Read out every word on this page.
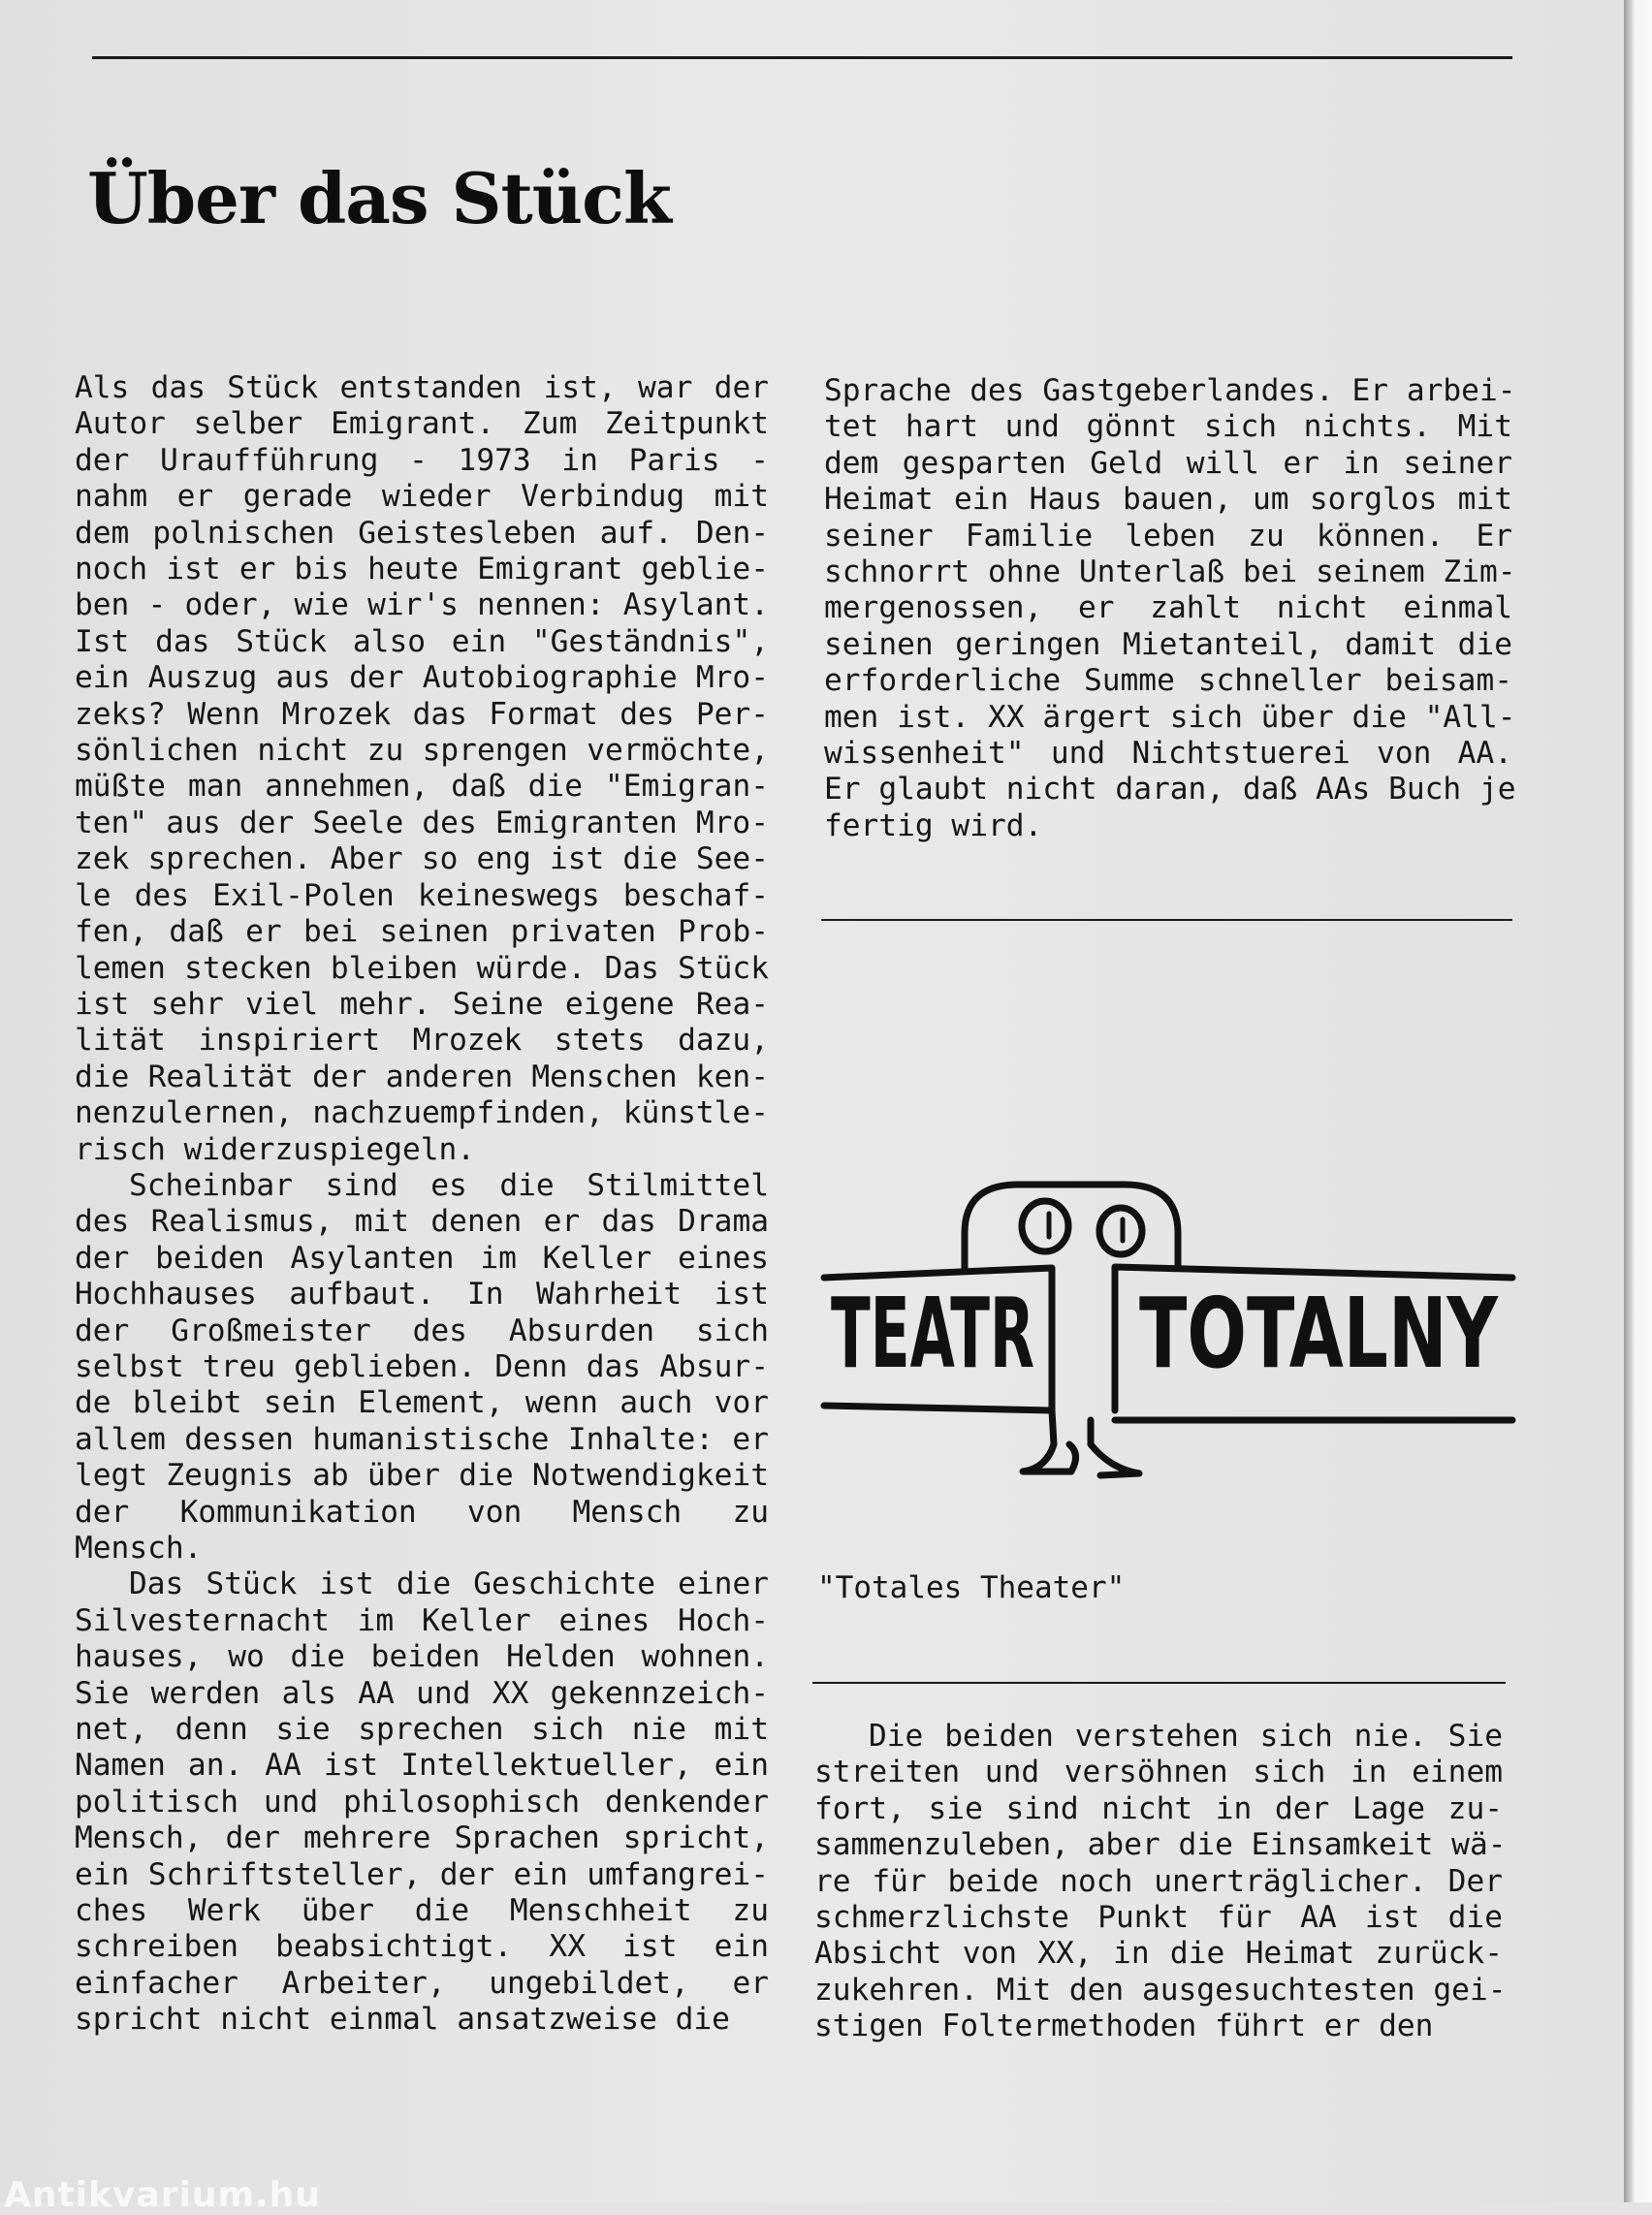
Über das Stück
Als das Stück entstanden ist, war der
Autor selber Emigrant. Zum Zeitpunkt
der Uraufführung - 1973 in Paris -
nahm er gerade wieder Verbindug mit
dem polnischen Geistesleben auf. Den-
noch ist er bis heute Emigrant geblie-
ben - oder, wie wir's nennen: Asylant.
Ist das Stück also ein "Geständnis",
ein Auszug aus der Autobiographie Mro-
zeks? Wenn Mrozek das Format des Per-
sönlichen nicht zu sprengen vermöchte,
müßte man annehmen, daß die "Emigran-
ten" aus der Seele des Emigranten Mro-
zek sprechen. Aber so eng ist die See-
le des Exil-Polen keineswegs beschaf-
fen, daß er bei seinen privaten Prob-
lemen stecken bleiben würde. Das Stück
ist sehr viel mehr. Seine eigene Rea-
lität inspiriert Mrozek stets dazu,
die Realität der anderen Menschen ken-
nenzulernen, nachzuempfinden, künstle-
risch widerzuspiegeln.
Scheinbar sind es die Stilmittel
des Realismus, mit denen er das Drama
der beiden Asylanten im Keller eines
Hochhauses aufbaut. In Wahrheit ist
der Großmeister des Absurden sich
selbst treu geblieben. Denn das Absur-
de bleibt sein Element, wenn auch vor
allem dessen humanistische Inhalte: er
legt Zeugnis ab über die Notwendigkeit
der Kommunikation von Mensch zu
Mensch.
Das Stück ist die Geschichte einer
Silvesternacht im Keller eines Hoch-
hauses, wo die beiden Helden wohnen.
Sie werden als AA und XX gekennzeich-
net, denn sie sprechen sich nie mit
Namen an. AA ist Intellektueller, ein
politisch und philosophisch denkender
Mensch, der mehrere Sprachen spricht,
ein Schriftsteller, der ein umfangrei-
ches Werk über die Menschheit zu
schreiben beabsichtigt. XX ist ein
einfacher Arbeiter, ungebildet, er
spricht nicht einmal ansatzweise die
Sprache des Gastgeberlandes. Er arbei-
tet hart und gönnt sich nichts. Mit
dem gesparten Geld will er in seiner
Heimat ein Haus bauen, um sorglos mit
seiner Familie leben zu können. Er
schnorrt ohne Unterlaß bei seinem Zim-
mergenossen, er zahlt nicht einmal
seinen geringen Mietanteil, damit die
erforderliche Summe schneller beisam-
men ist. XX ärgert sich über die "All-
wissenheit" und Nichtstuerei von AA.
Er glaubt nicht daran, daß AAs Buch je
fertig wird.
TEATR TOTALNY
"Totales Theater"
Die beiden verstehen sich nie. Sie
streiten und versöhnen sich in einem
fort, sie sind nicht in der Lage zu-
sammenzuleben, aber die Einsamkeit wä-
re für beide noch unerträglicher. Der
schmerzlichste Punkt für AA ist die
Absicht von XX, in die Heimat zurück-
zukehren. Mit den ausgesuchtesten gei-
stigen Foltermethoden führt er den
Antikvarium.hu
